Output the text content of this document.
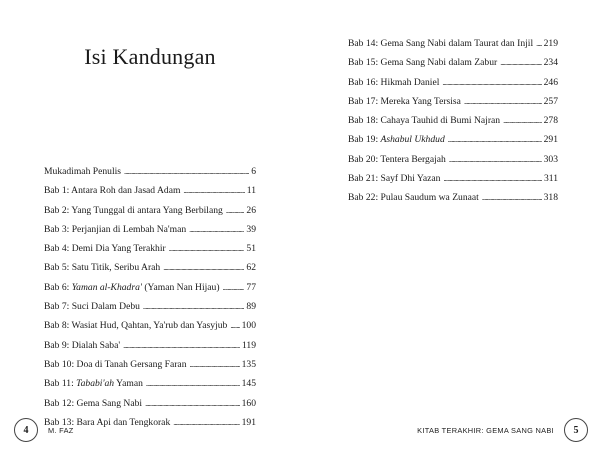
Isi Kandungan
Mukadimah Penulis . . .	6
Bab 1: Antara Roh dan Jasad Adam . . .	11
Bab 2: Yang Tunggal di antara Yang Berbilang . . . 26
Bab 3: Perjanjian di Lembah Na'man . . .	39
Bab 4: Demi Dia Yang Terakhir . . .	51
Bab 5: Satu Titik, Seribu Arah . . .	62
Bab 6: Yaman al-Khadra' (Yaman Nan Hijau) . . .	77
Bab 7: Suci Dalam Debu . . .	89
Bab 8: Wasiat Hud, Qahtan, Ya'rub dan Yasyjub . . . 100
Bab 9: Dialah Saba' . . .	119
Bab 10: Doa di Tanah Gersang Faran . . .	135
Bab 11: Tababi'ah Yaman . . .	145
Bab 12: Gema Sang Nabi . . .	160
Bab 13: Bara Api dan Tengkorak . . .	191
4	M. FAZ
Bab 14: Gema Sang Nabi dalam Taurat dan Injil . . . 219
Bab 15: Gema Sang Nabi dalam Zabur . . .	234
Bab 16: Hikmah Daniel . . .	246
Bab 17: Mereka Yang Tersisa . . .	257
Bab 18: Cahaya Tauhid di Bumi Najran . . .	278
Bab 19: Ashabul Ukhdud . . .	291
Bab 20: Tentera Bergajah . . .	303
Bab 21: Sayf Dhi Yazan . . .	311
Bab 22: Pulau Saudum wa Zunaat . . .	318
KITAB TERAKHIR: GEMA SANG NABI	5
